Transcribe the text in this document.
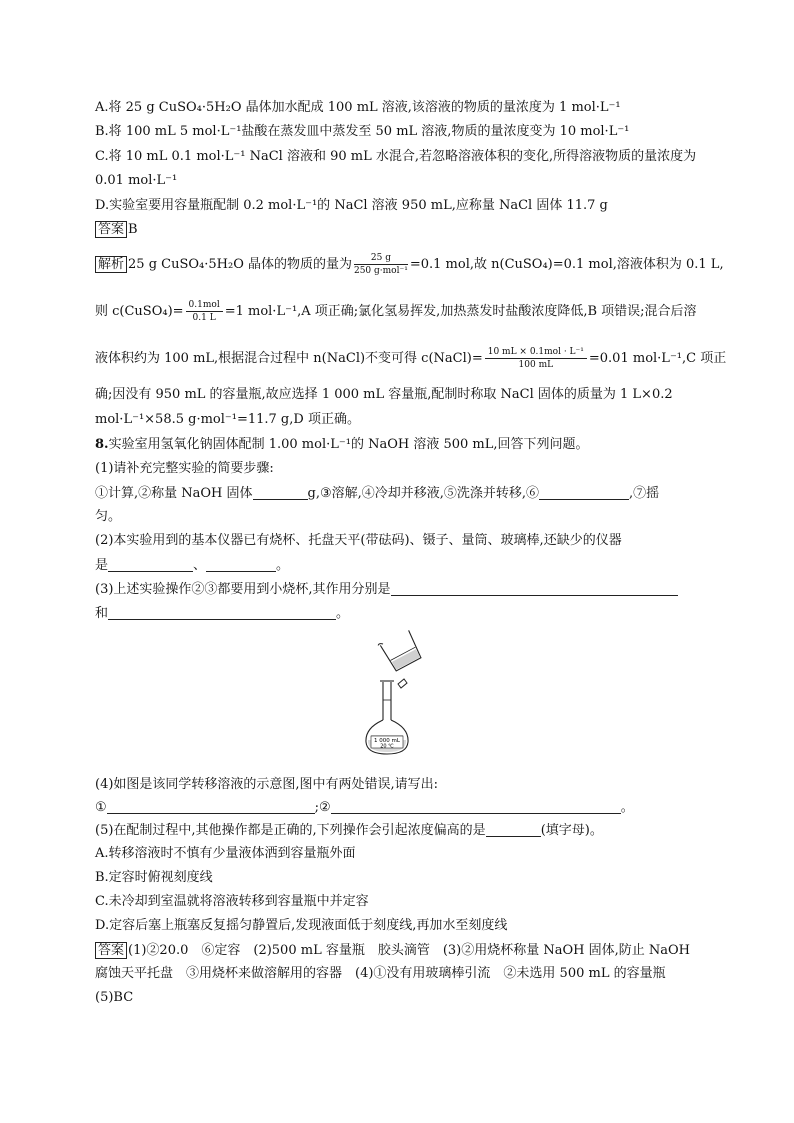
A.将 25 g CuSO₄·5H₂O 晶体加水配成 100 mL 溶液,该溶液的物质的量浓度为 1 mol·L⁻¹
B.将 100 mL 5 mol·L⁻¹盐酸在蒸发皿中蒸发至 50 mL 溶液,物质的量浓度变为 10 mol·L⁻¹
C.将 10 mL 0.1 mol·L⁻¹ NaCl 溶液和 90 mL 水混合,若忽略溶液体积的变化,所得溶液物质的量浓度为
0.01 mol·L⁻¹
D.实验室要用容量瓶配制 0.2 mol·L⁻¹的 NaCl 溶液 950 mL,应称量 NaCl 固体 11.7 g
答案 B
解析 25 g CuSO₄·5H₂O 晶体的物质的量为 $\frac{25 g}{\text{250 g·mol⁻¹}} =0.1$ mol,故 n(CuSO₄)=0.1 mol,溶液体积为 0.1 L,
则 c(CuSO₄)= $\frac{\text{0.1mol}}{0.1 L} =1$ mol·L⁻¹,A 项正确;氯化氢易挥发,加热蒸发时盐酸浓度降低,B 项错误;混合后溶
液体积约为 100 mL,根据混合过程中 n(NaCl)不变可得 c(NaCl)= $\frac{\text{10 mL × 0.1mol · L⁻¹}}{100 mL} =0.01$ mol·L⁻¹,C 项正
确;因没有 950 mL 的容量瓶,故应选择 1 000 mL 容量瓶,配制时称取 NaCl 固体的质量为 1 L×0.2
mol·L⁻¹×58.5 g·mol⁻¹=11.7 g,D 项正确。
8.实验室用氢氧化钠固体配制 1.00 mol·L⁻¹的 NaOH 溶液 500 mL,回答下列问题。
(1)请补充完整实验的简要步骤:
①计算,②称量 NaOH 固体	g,③溶解,④冷却并移液,⑤洗涤并转移,⑥	,⑦摇
匀。
(2)本实验用到的基本仪器已有烧杯、托盘天平(带砝码)、镊子、量筒、玻璃棒,还缺少的仪器
是	、	。
(3)上述实验操作②③都要用到小烧杯,其作用分别是
和	。
1 000 mL
20 ℃
(4)如图是该同学转移溶液的示意图,图中有两处错误,请写出:
①	;②	。
(5)在配制过程中,其他操作都是正确的,下列操作会引起浓度偏高的是	(填字母)。
A.转移溶液时不慎有少量液体洒到容量瓶外面
B.定容时俯视刻度线
C.未冷却到室温就将溶液转移到容量瓶中并定容
D.定容后塞上瓶塞反复摇匀静置后,发现液面低于刻度线,再加水至刻度线
答案 (1)②20.0　⑥定容　(2)500 mL 容量瓶　胶头滴管　(3)②用烧杯称量 NaOH 固体,防止 NaOH
腐蚀天平托盘　③用烧杯来做溶解用的容器　(4)①没有用玻璃棒引流　②未选用 500 mL 的容量瓶
(5)BC
